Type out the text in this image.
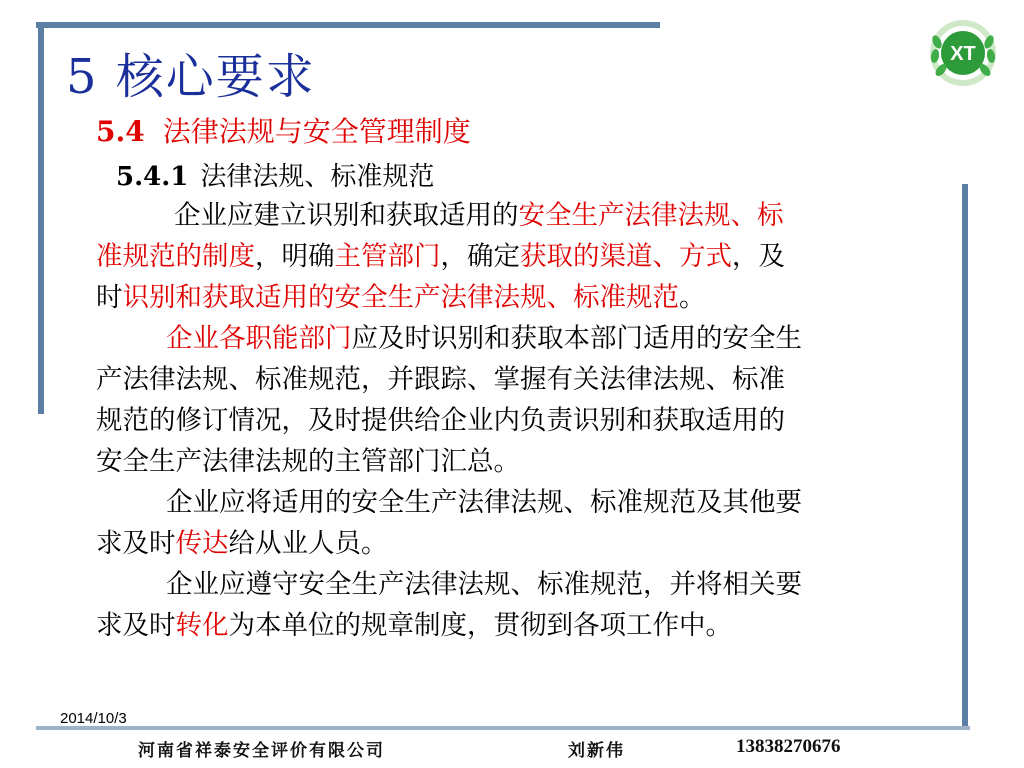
XT
5 核心要求
5.4 法律法规与安全管理制度
5.4.1 法律法规、标准规范
企业应建立识别和获取适用的安全生产法律法规、标
准规范的制度，明确主管部门，确定获取的渠道、方式，及
时识别和获取适用的安全生产法律法规、标准规范。
企业各职能部门应及时识别和获取本部门适用的安全生
产法律法规、标准规范，并跟踪、掌握有关法律法规、标准
规范的修订情况，及时提供给企业内负责识别和获取适用的
安全生产法律法规的主管部门汇总。
企业应将适用的安全生产法律法规、标准规范及其他要
求及时传达给从业人员。
企业应遵守安全生产法律法规、标准规范，并将相关要
求及时转化为本单位的规章制度，贯彻到各项工作中。
2014/10/3
河南省祥泰安全评价有限公司	刘新伟	13838270676
